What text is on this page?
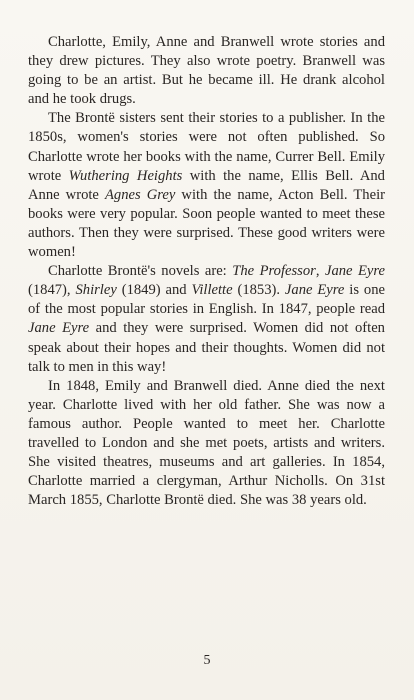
Charlotte, Emily, Anne and Branwell wrote stories and they drew pictures. They also wrote poetry. Branwell was going to be an artist. But he became ill. He drank alcohol and he took drugs.

The Brontë sisters sent their stories to a publisher. In the 1850s, women's stories were not often published. So Charlotte wrote her books with the name, Currer Bell. Emily wrote Wuthering Heights with the name, Ellis Bell. And Anne wrote Agnes Grey with the name, Acton Bell. Their books were very popular. Soon people wanted to meet these authors. Then they were surprised. These good writers were women!

Charlotte Brontë's novels are: The Professor, Jane Eyre (1847), Shirley (1849) and Villette (1853). Jane Eyre is one of the most popular stories in English. In 1847, people read Jane Eyre and they were surprised. Women did not often speak about their hopes and their thoughts. Women did not talk to men in this way!

In 1848, Emily and Branwell died. Anne died the next year. Charlotte lived with her old father. She was now a famous author. People wanted to meet her. Charlotte travelled to London and she met poets, artists and writers. She visited theatres, museums and art galleries. In 1854, Charlotte married a clergyman, Arthur Nicholls. On 31st March 1855, Charlotte Brontë died. She was 38 years old.

5
